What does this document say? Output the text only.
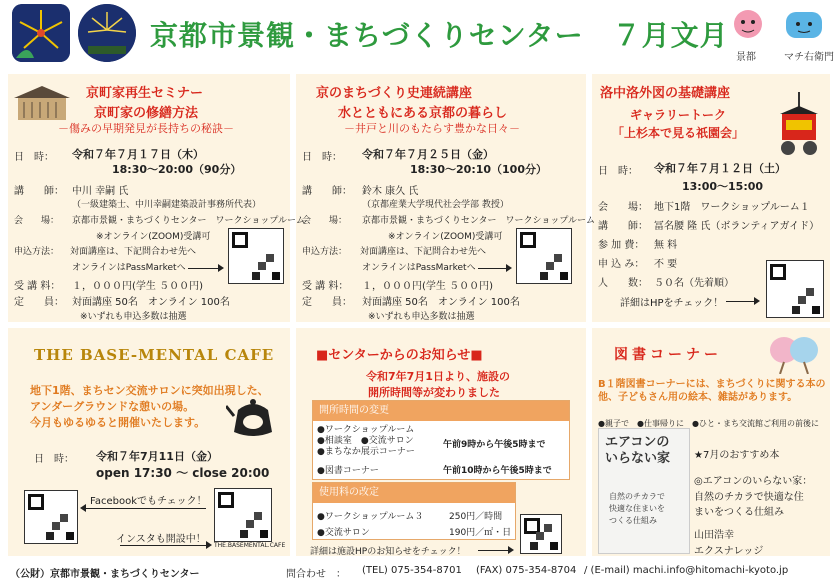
京都市景観・まちづくりセンター　７月文月
景都	マチ右衛門
京町家再生セミナー
京町家の修繕方法
－傷みの早期発見が長持ちの秘訣－
日　時： 令和７年７月１７日（木）
18:30～20:00（90分）
講　　師： 中川 幸嗣 氏
（一級建築士、中川幸嗣建築設計事務所代表）
会　　場： 京都市景観・まちづくりセンター　ワークショップルーム
※オンライン(ZOOM)受講可
申込方法： 対面講座は、下記問合わせ先へ
オンラインはPassMarketへ
受 講 料： １，０００円(学生 ５００円)
定　　員： 対面講座 50名　オンライン 100名
※いずれも申込多数は抽選
京のまちづくり史連続講座
水とともにある京都の暮らし
－井戸と川のもたらす豊かな日々－
日　時： 令和７年７月２５日（金）
18:30～20:10（100分）
講　　師： 鈴木 康久 氏
（京都産業大学現代社会学部 教授）
会　　場： 京都市景観・まちづくりセンター　ワークショップルーム
※オンライン(ZOOM)受講可
申込方法： 対面講座は、下記問合わせ先へ
オンラインはPassMarketへ
受 講 料： １，０００円(学生 ５００円)
定　　員： 対面講座 50名　オンライン 100名
※いずれも申込多数は抽選
洛中洛外図の基礎講座
ギャラリートーク
「上杉本で見る祇園会」
日　時： 令和７年７月１２日（土）
13:00～15:00
会　　場： 地下1階　ワークショップルーム１
講　　師： 冨名腰 隆 氏（ボランティアガイド）
参 加 費： 無 料
申 込 み： 不 要
人　　数： ５０名（先着順）
詳細はHPをチェック！
THE BASE-MENTAL CAFE
地下1階、まちセン交流サロンに突如出現した、
アンダーグラウンドな憩いの場。
今月もゆるゆると開催いたします。
日　時： 令和７年7月11日（金）
open 17:30 ～ close 20:00
Facebookでもチェック！
インスタも開設中！
THE.BASEMENTAL.CAFE
■センターからのお知らせ■
令和7年7月1日より、施設の
開所時間等が変わりました
開所時間の変更
●ワークショップルーム
●相談室　●交流サロン
●まちなか展示コーナー
午前9時から午後5時まで
●図書コーナー	午前10時から午後5時まで
使用料の改定
●ワークショップルーム３	250円／時間
●交流サロン	190円／㎡・日
詳細は施設HPのお知らせをチェック！
図書コーナー
B１階図書コーナーには、まちづくりに関する本の他、子どもさん用の絵本、雑誌があります。
●親子で　●仕事帰りに　●ひと・まち交流館ご利用の前後に
エアコンの
いらない家
自然のチカラで
快適な住まいを
つくる仕組み
★7月のおすすめ本
◎エアコンのいらない家：
自然のチカラで快適な住
まいをつくる仕組み
山田浩幸
エクスナレッジ
（公財）京都市景観・まちづくりセンター	問合わせ　： (TEL) 075-354-8701 (FAX) 075-354-8704 / (E-mail) machi.info@hitomachi-kyoto.jp
